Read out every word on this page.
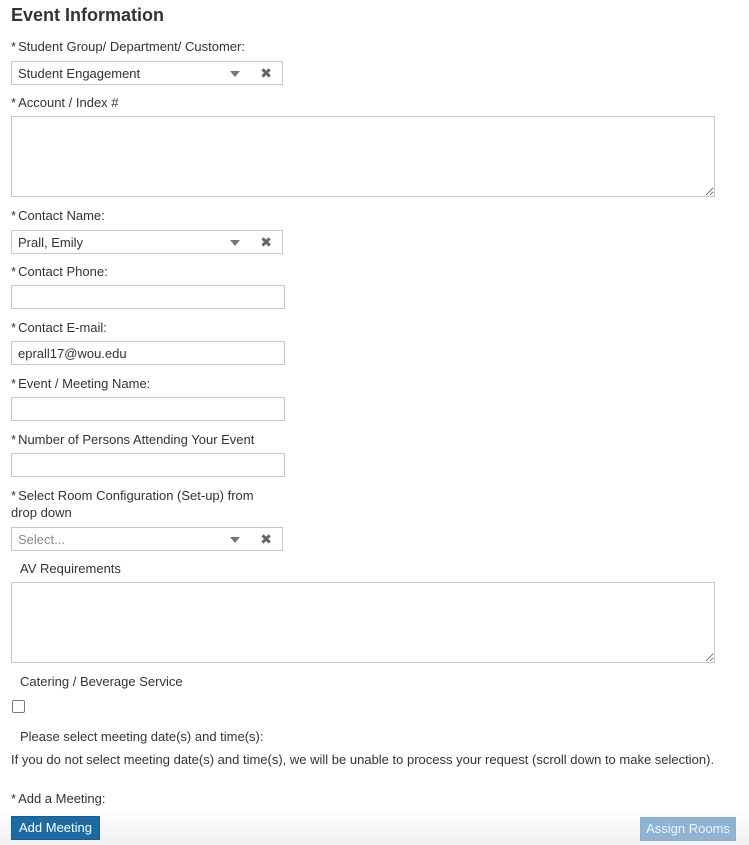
Event Information
* Student Group/ Department/ Customer:
Student Engagement	✖
* Account / Index #
* Contact Name:
Prall, Emily	✖
* Contact Phone:
* Contact E-mail:
eprall17@wou.edu
* Event / Meeting Name:
* Number of Persons Attending Your Event
* Select Room Configuration (Set-up) from
drop down
Select...	✖
AV Requirements
Catering / Beverage Service
Please select meeting date(s) and time(s):
If you do not select meeting date(s) and time(s), we will be unable to process your request (scroll down to make selection).
* Add a Meeting:
Add Meeting	Assign Rooms
